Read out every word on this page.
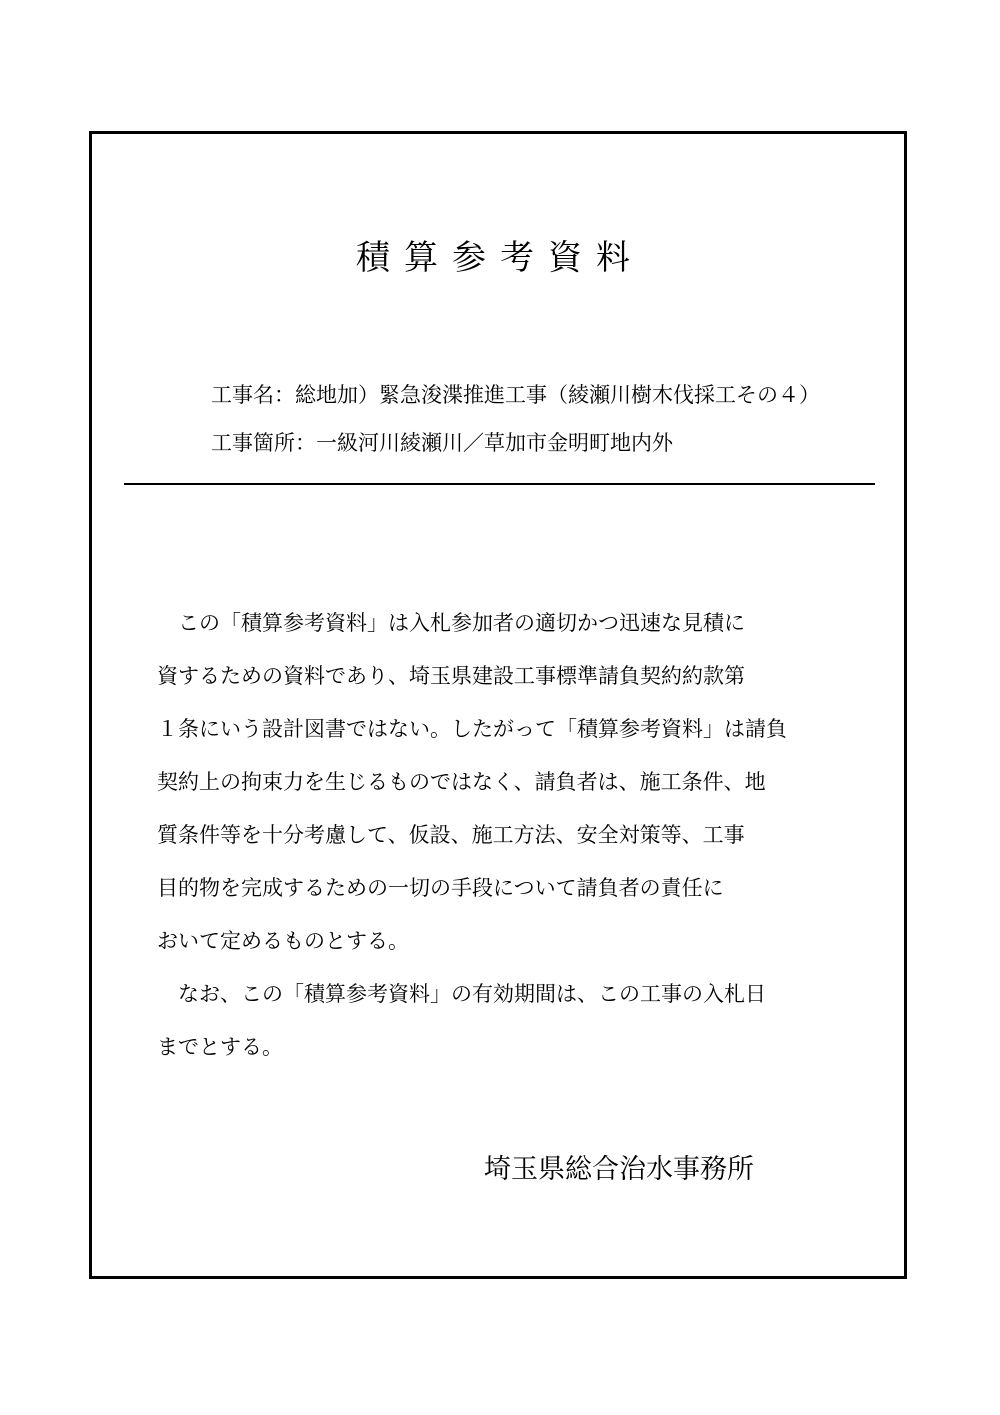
積算参考資料
工事名：総地加）緊急浚渫推進工事（綾瀬川樹木伐採工その４）
工事箇所：一級河川綾瀬川／草加市金明町地内外
　この「積算参考資料」は入札参加者の適切かつ迅速な見積に
資するための資料であり、埼玉県建設工事標準請負契約約款第
１条にいう設計図書ではない。したがって「積算参考資料」は請負
契約上の拘束力を生じるものではなく、請負者は、施工条件、地
質条件等を十分考慮して、仮設、施工方法、安全対策等、工事
目的物を完成するための一切の手段について請負者の責任に
おいて定めるものとする。
　なお、この「積算参考資料」の有効期間は、この工事の入札日
までとする。
埼玉県総合治水事務所
